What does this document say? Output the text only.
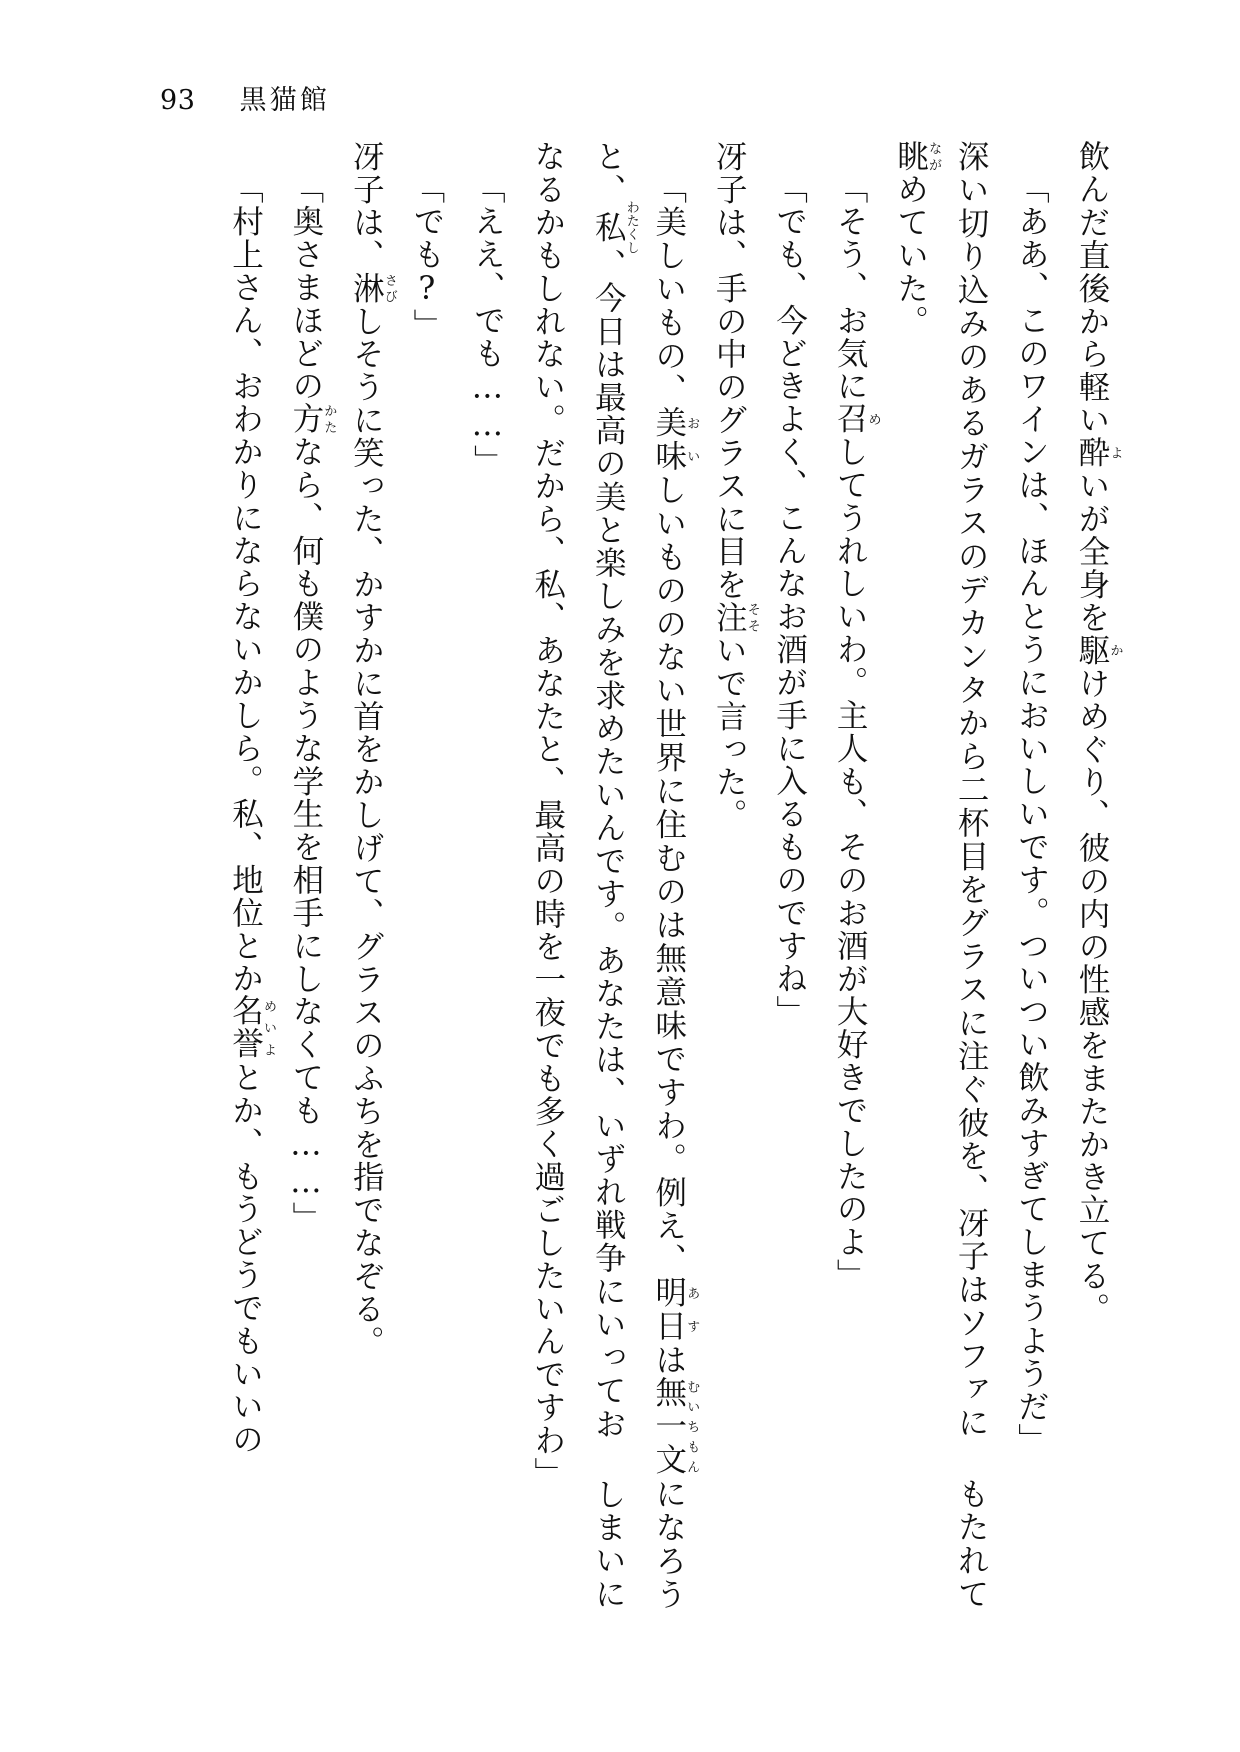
93 黒猫館

飲んだ直後から軽い酔よいが全身を駆かけめぐり、彼の内の性感をまたかき立てる。

「ああ、このワインは、ほんとうにおいしいです。ついつい飲みすぎてしまうようだ」

深い切り込みのあるガラスのデカンタから二杯目をグラスに注ぐ彼を、冴子はソファに もたれて眺ながめていた。

「そう、お気に召めしてうれしいわ。主人も、そのお酒が大好きでしたのよ」

「でも、今どきよく、こんなお酒が手に入るものですね」

冴子は、手の中のグラスに目を注そそいで言った。

「美しいもの、美味おいしいもののない世界に住むのは無意味ですわ。例え、明日あすは無一文むいちもんになろうと、私わたくし、今日は最高の美と楽しみを求めたいんです。あなたは、いずれ戦争にいってお しまいになるかもしれない。だから、私、あなたと、最高の時を一夜でも多く過ごしたいんですわ」

「ええ、でも……」

「でも?」

冴子は、淋さびしそうに笑った、かすかに首をかしげて、グラスのふちを指でなぞる。

「奥さまほどの方かたなら、何も僕のような学生を相手にしなくても……」

「村上さん、おわかりにならないかしら。私、地位とか名誉めいよとか、もうどうでもいいの
